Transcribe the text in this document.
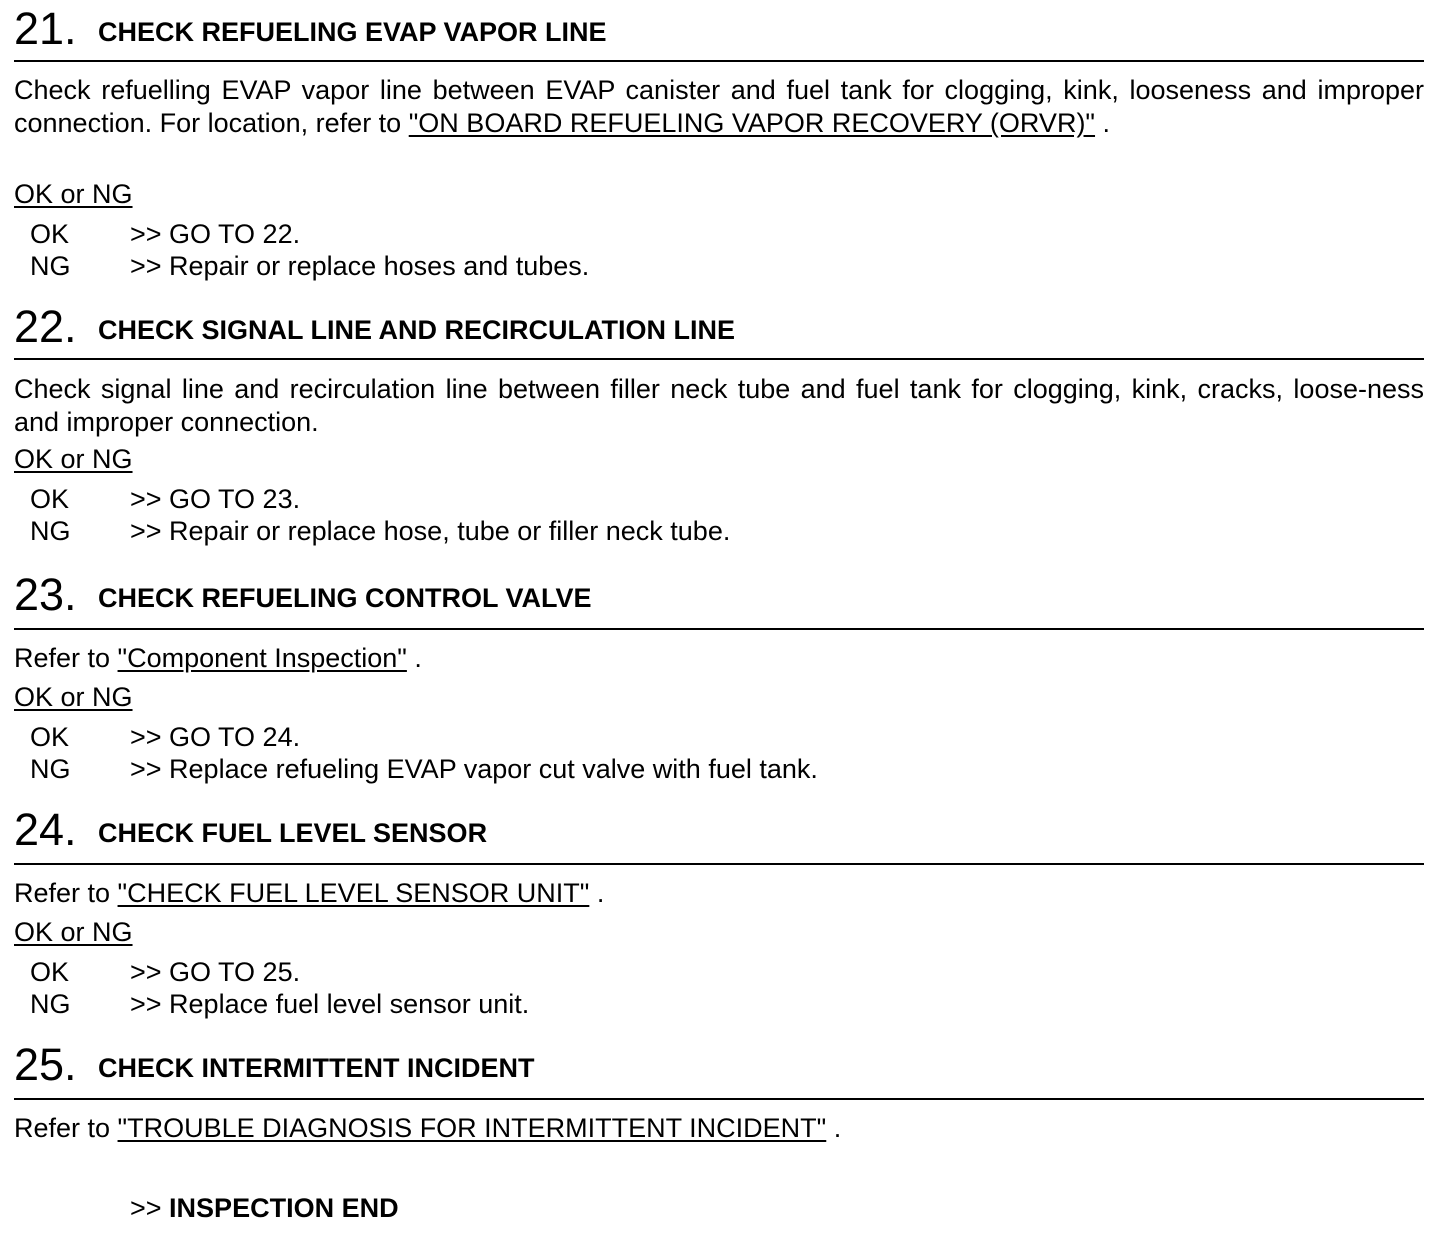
21. CHECK REFUELING EVAP VAPOR LINE
Check refuelling EVAP vapor line between EVAP canister and fuel tank for clogging, kink, looseness and improper connection. For location, refer to "ON BOARD REFUELING VAPOR RECOVERY (ORVR)" .
OK or NG
OK >> GO TO 22.
NG >> Repair or replace hoses and tubes.
22. CHECK SIGNAL LINE AND RECIRCULATION LINE
Check signal line and recirculation line between filler neck tube and fuel tank for clogging, kink, cracks, loose-ness and improper connection.
OK or NG
OK >> GO TO 23.
NG >> Repair or replace hose, tube or filler neck tube.
23. CHECK REFUELING CONTROL VALVE
Refer to "Component Inspection" .
OK or NG
OK >> GO TO 24.
NG >> Replace refueling EVAP vapor cut valve with fuel tank.
24. CHECK FUEL LEVEL SENSOR
Refer to "CHECK FUEL LEVEL SENSOR UNIT" .
OK or NG
OK >> GO TO 25.
NG >> Replace fuel level sensor unit.
25. CHECK INTERMITTENT INCIDENT
Refer to "TROUBLE DIAGNOSIS FOR INTERMITTENT INCIDENT" .
>> INSPECTION END
